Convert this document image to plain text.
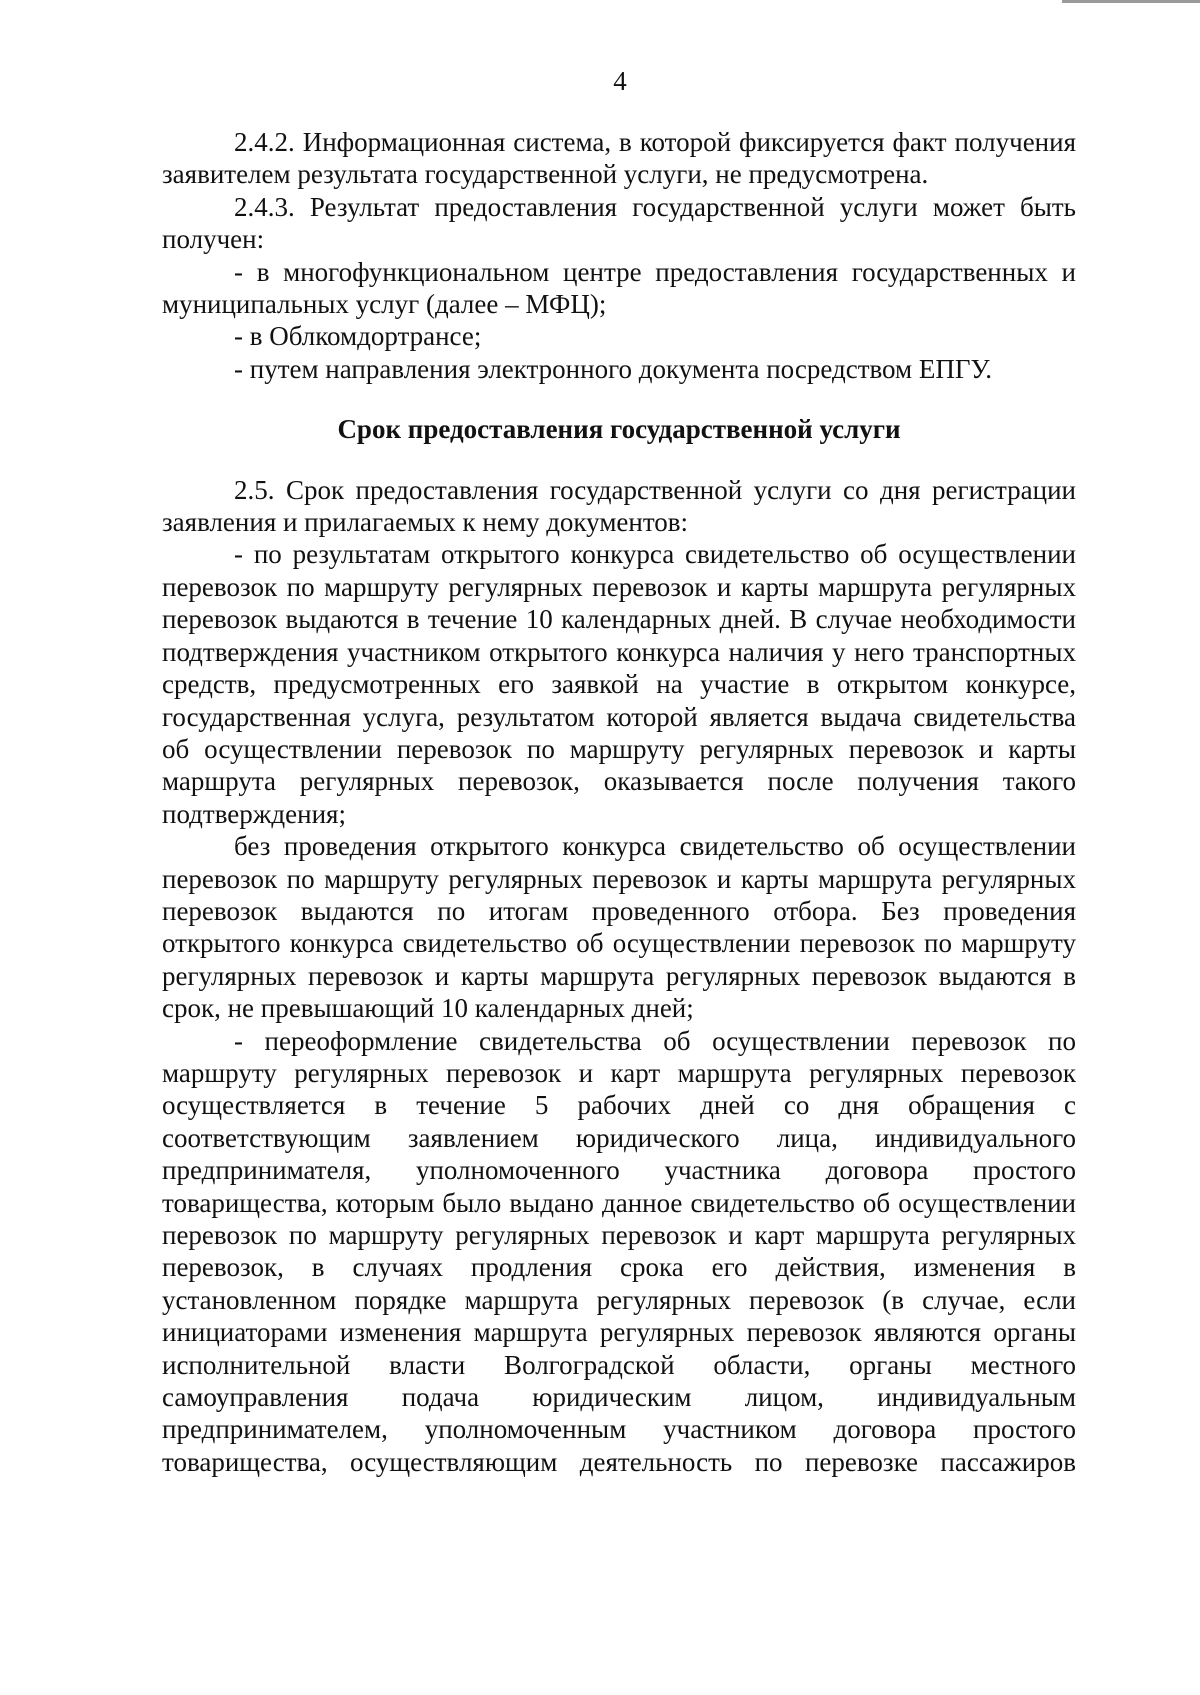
4

2.4.2. Информационная система, в которой фиксируется факт получения заявителем результата государственной услуги, не предусмотрена.

2.4.3. Результат предоставления государственной услуги может быть получен:

- в многофункциональном центре предоставления государственных и муниципальных услуг (далее – МФЦ);

- в Облкомдортрансе;

- путем направления электронного документа посредством ЕПГУ.

Срок предоставления государственной услуги

2.5. Срок предоставления государственной услуги со дня регистрации заявления и прилагаемых к нему документов:

- по результатам открытого конкурса свидетельство об осуществлении перевозок по маршруту регулярных перевозок и карты маршрута регулярных перевозок выдаются в течение 10 календарных дней. В случае необходимости подтверждения участником открытого конкурса наличия у него транспортных средств, предусмотренных его заявкой на участие в открытом конкурсе, государственная услуга, результатом которой является выдача свидетельства об осуществлении перевозок по маршруту регулярных перевозок и карты маршрута регулярных перевозок, оказывается после получения такого подтверждения;

без проведения открытого конкурса свидетельство об осуществлении перевозок по маршруту регулярных перевозок и карты маршрута регулярных перевозок выдаются по итогам проведенного отбора. Без проведения открытого конкурса свидетельство об осуществлении перевозок по маршруту регулярных перевозок и карты маршрута регулярных перевозок выдаются в срок, не превышающий 10 календарных дней;

- переоформление свидетельства об осуществлении перевозок по маршруту регулярных перевозок и карт маршрута регулярных перевозок осуществляется в течение 5 рабочих дней со дня обращения с соответствующим заявлением юридического лица, индивидуального предпринимателя, уполномоченного участника договора простого товарищества, которым было выдано данное свидетельство об осуществлении перевозок по маршруту регулярных перевозок и карт маршрута регулярных перевозок, в случаях продления срока его действия, изменения в установленном порядке маршрута регулярных перевозок (в случае, если инициаторами изменения маршрута регулярных перевозок являются органы исполнительной власти Волгоградской области, органы местного самоуправления подача юридическим лицом, индивидуальным предпринимателем, уполномоченным участником договора простого товарищества, осуществляющим деятельность по перевозке пассажиров
